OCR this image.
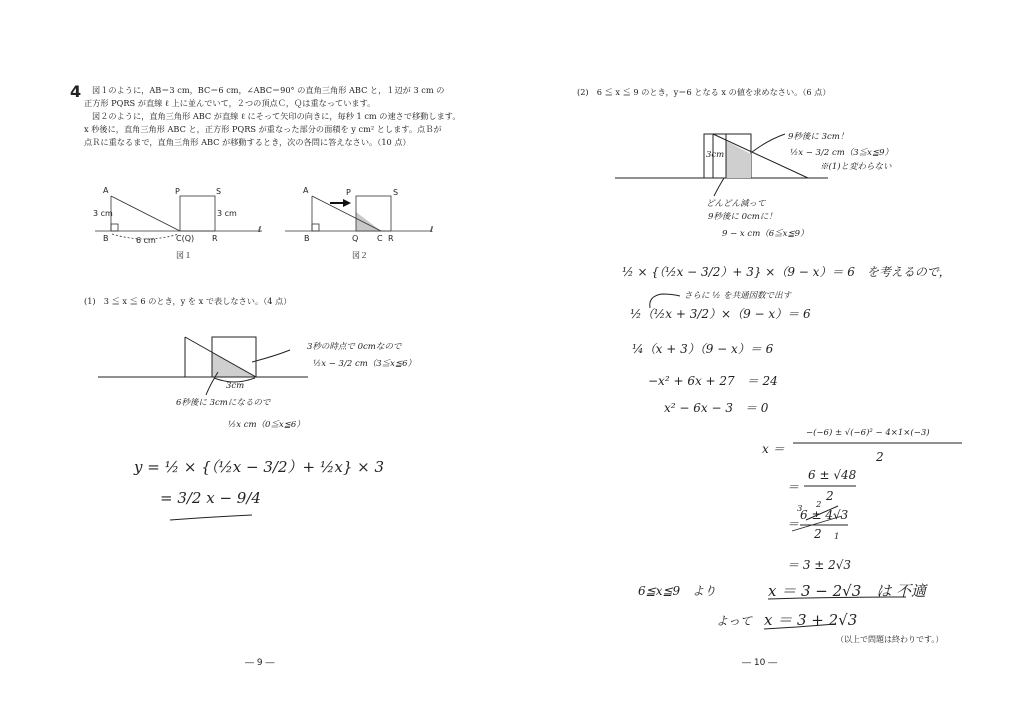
4 図１のように，AB＝3 cm，BC＝6 cm，∠ABC＝90° の直角三角形 ABC と，１辺が 3 cm の
正方形 PQRS が直線 ℓ 上に並んでいて，２つの頂点Ｃ，Ｑは重なっています。
図２のように，直角三角形 ABC が直線 ℓ にそって矢印の向きに，毎秒 1 cm の速さで移動します。
x 秒後に，直角三角形 ABC と，正方形 PQRS が重なった部分の面積を y cm² とします。点Ｂが
点Ｒに重なるまで，直角三角形 ABC が移動するとき，次の各問に答えなさい。（10 点）
A
B	C(Q) R
P	S
3 cm	3 cm
6 cm
ℓ
図１
A
B	Q C R
P	S
ℓ
図２
(1)　3 ≦ x ≦ 6 のとき，y を x で表しなさい。（4 点）
3cm
3秒の時点で 0cmなので
½x − 3/2 cm（3≦x≦6）
6秒後に 3cmになるので
½x cm（0≦x≦6）
y = ½ × {（½x − 3/2）+ ½x} × 3
= 3/2 x − 9/4
― 9 ―
(2)　6 ≦ x ≦ 9 のとき，y＝6 となる x の値を求めなさい。（6 点）
3cm
9秒後に 3cm！
½x − 3/2 cm（3≦x≦9）
※(1)と変わらない
どんどん減って
9秒後に 0cmに！
9 − x cm（6≦x≦9）
½ × {（½x − 3/2）+ 3} ×（9 − x）＝ 6　を考えるので，
さらに ½ を共通因数で出す
½（½x + 3/2）×（9 − x）＝ 6
¼（x + 3）（9 − x）＝ 6
−x² + 6x + 27　＝ 24
x² − 6x − 3　＝ 0
x ＝
−(−6) ± √(−6)² − 4×1×(−3)
2
＝
6 ± √48
2
＝
3 2
6 ± 4√3
2 1
＝ 3 ± 2√3
6≦x≦9　より	x ＝ 3 − 2√3　は 不適
よって x ＝ 3 + 2√3
（以上で問題は終わりです。）
― 10 ―
